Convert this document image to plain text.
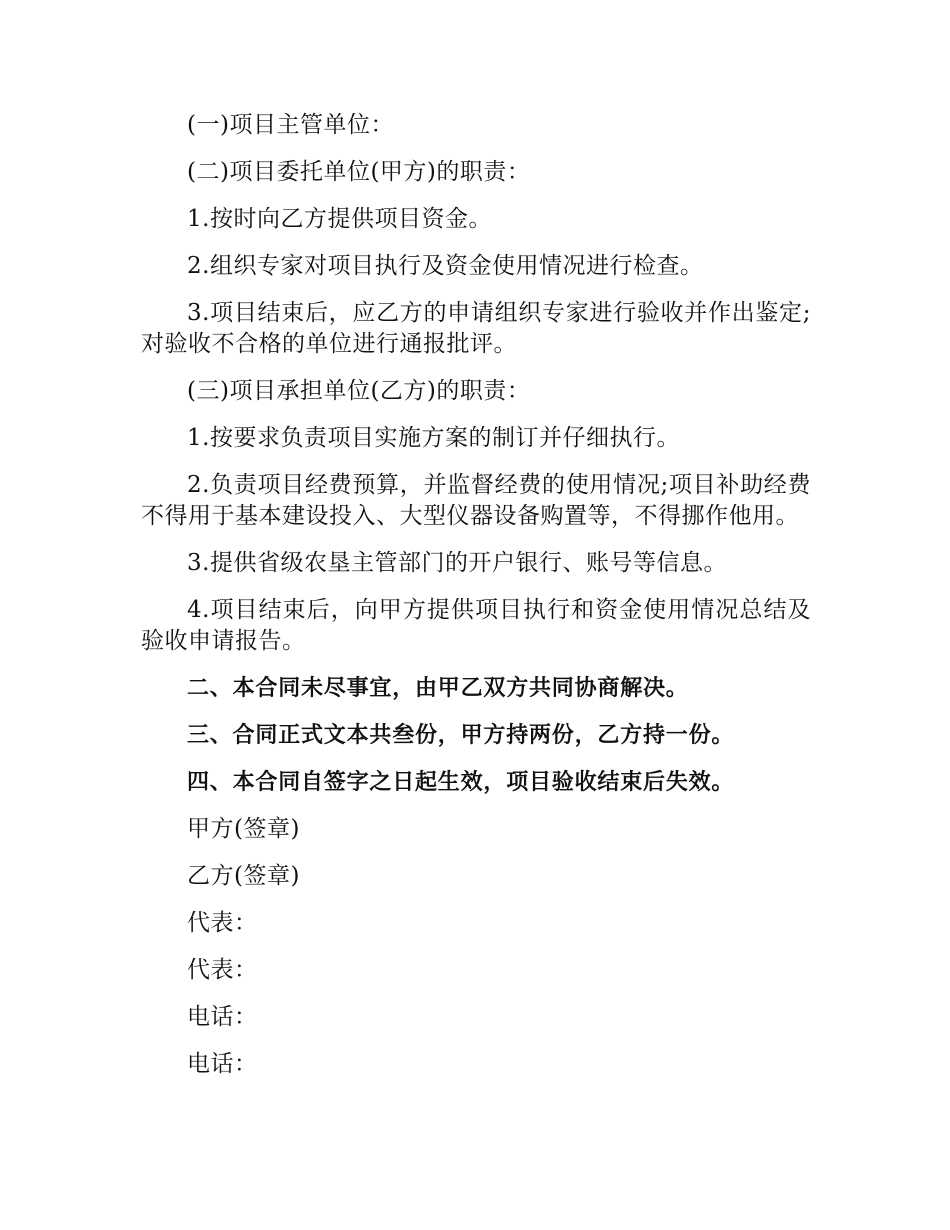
(一)项目主管单位：

(二)项目委托单位(甲方)的职责：

1.按时向乙方提供项目资金。

2.组织专家对项目执行及资金使用情况进行检查。

3.项目结束后，应乙方的申请组织专家进行验收并作出鉴定;对验收不合格的单位进行通报批评。

(三)项目承担单位(乙方)的职责：

1.按要求负责项目实施方案的制订并仔细执行。

2.负责项目经费预算，并监督经费的使用情况;项目补助经费不得用于基本建设投入、大型仪器设备购置等，不得挪作他用。

3.提供省级农垦主管部门的开户银行、账号等信息。

4.项目结束后，向甲方提供项目执行和资金使用情况总结及验收申请报告。

二、本合同未尽事宜，由甲乙双方共同协商解决。

三、合同正式文本共叁份，甲方持两份，乙方持一份。

四、本合同自签字之日起生效，项目验收结束后失效。

甲方(签章)

乙方(签章)

代表：

代表：

电话：

电话：
